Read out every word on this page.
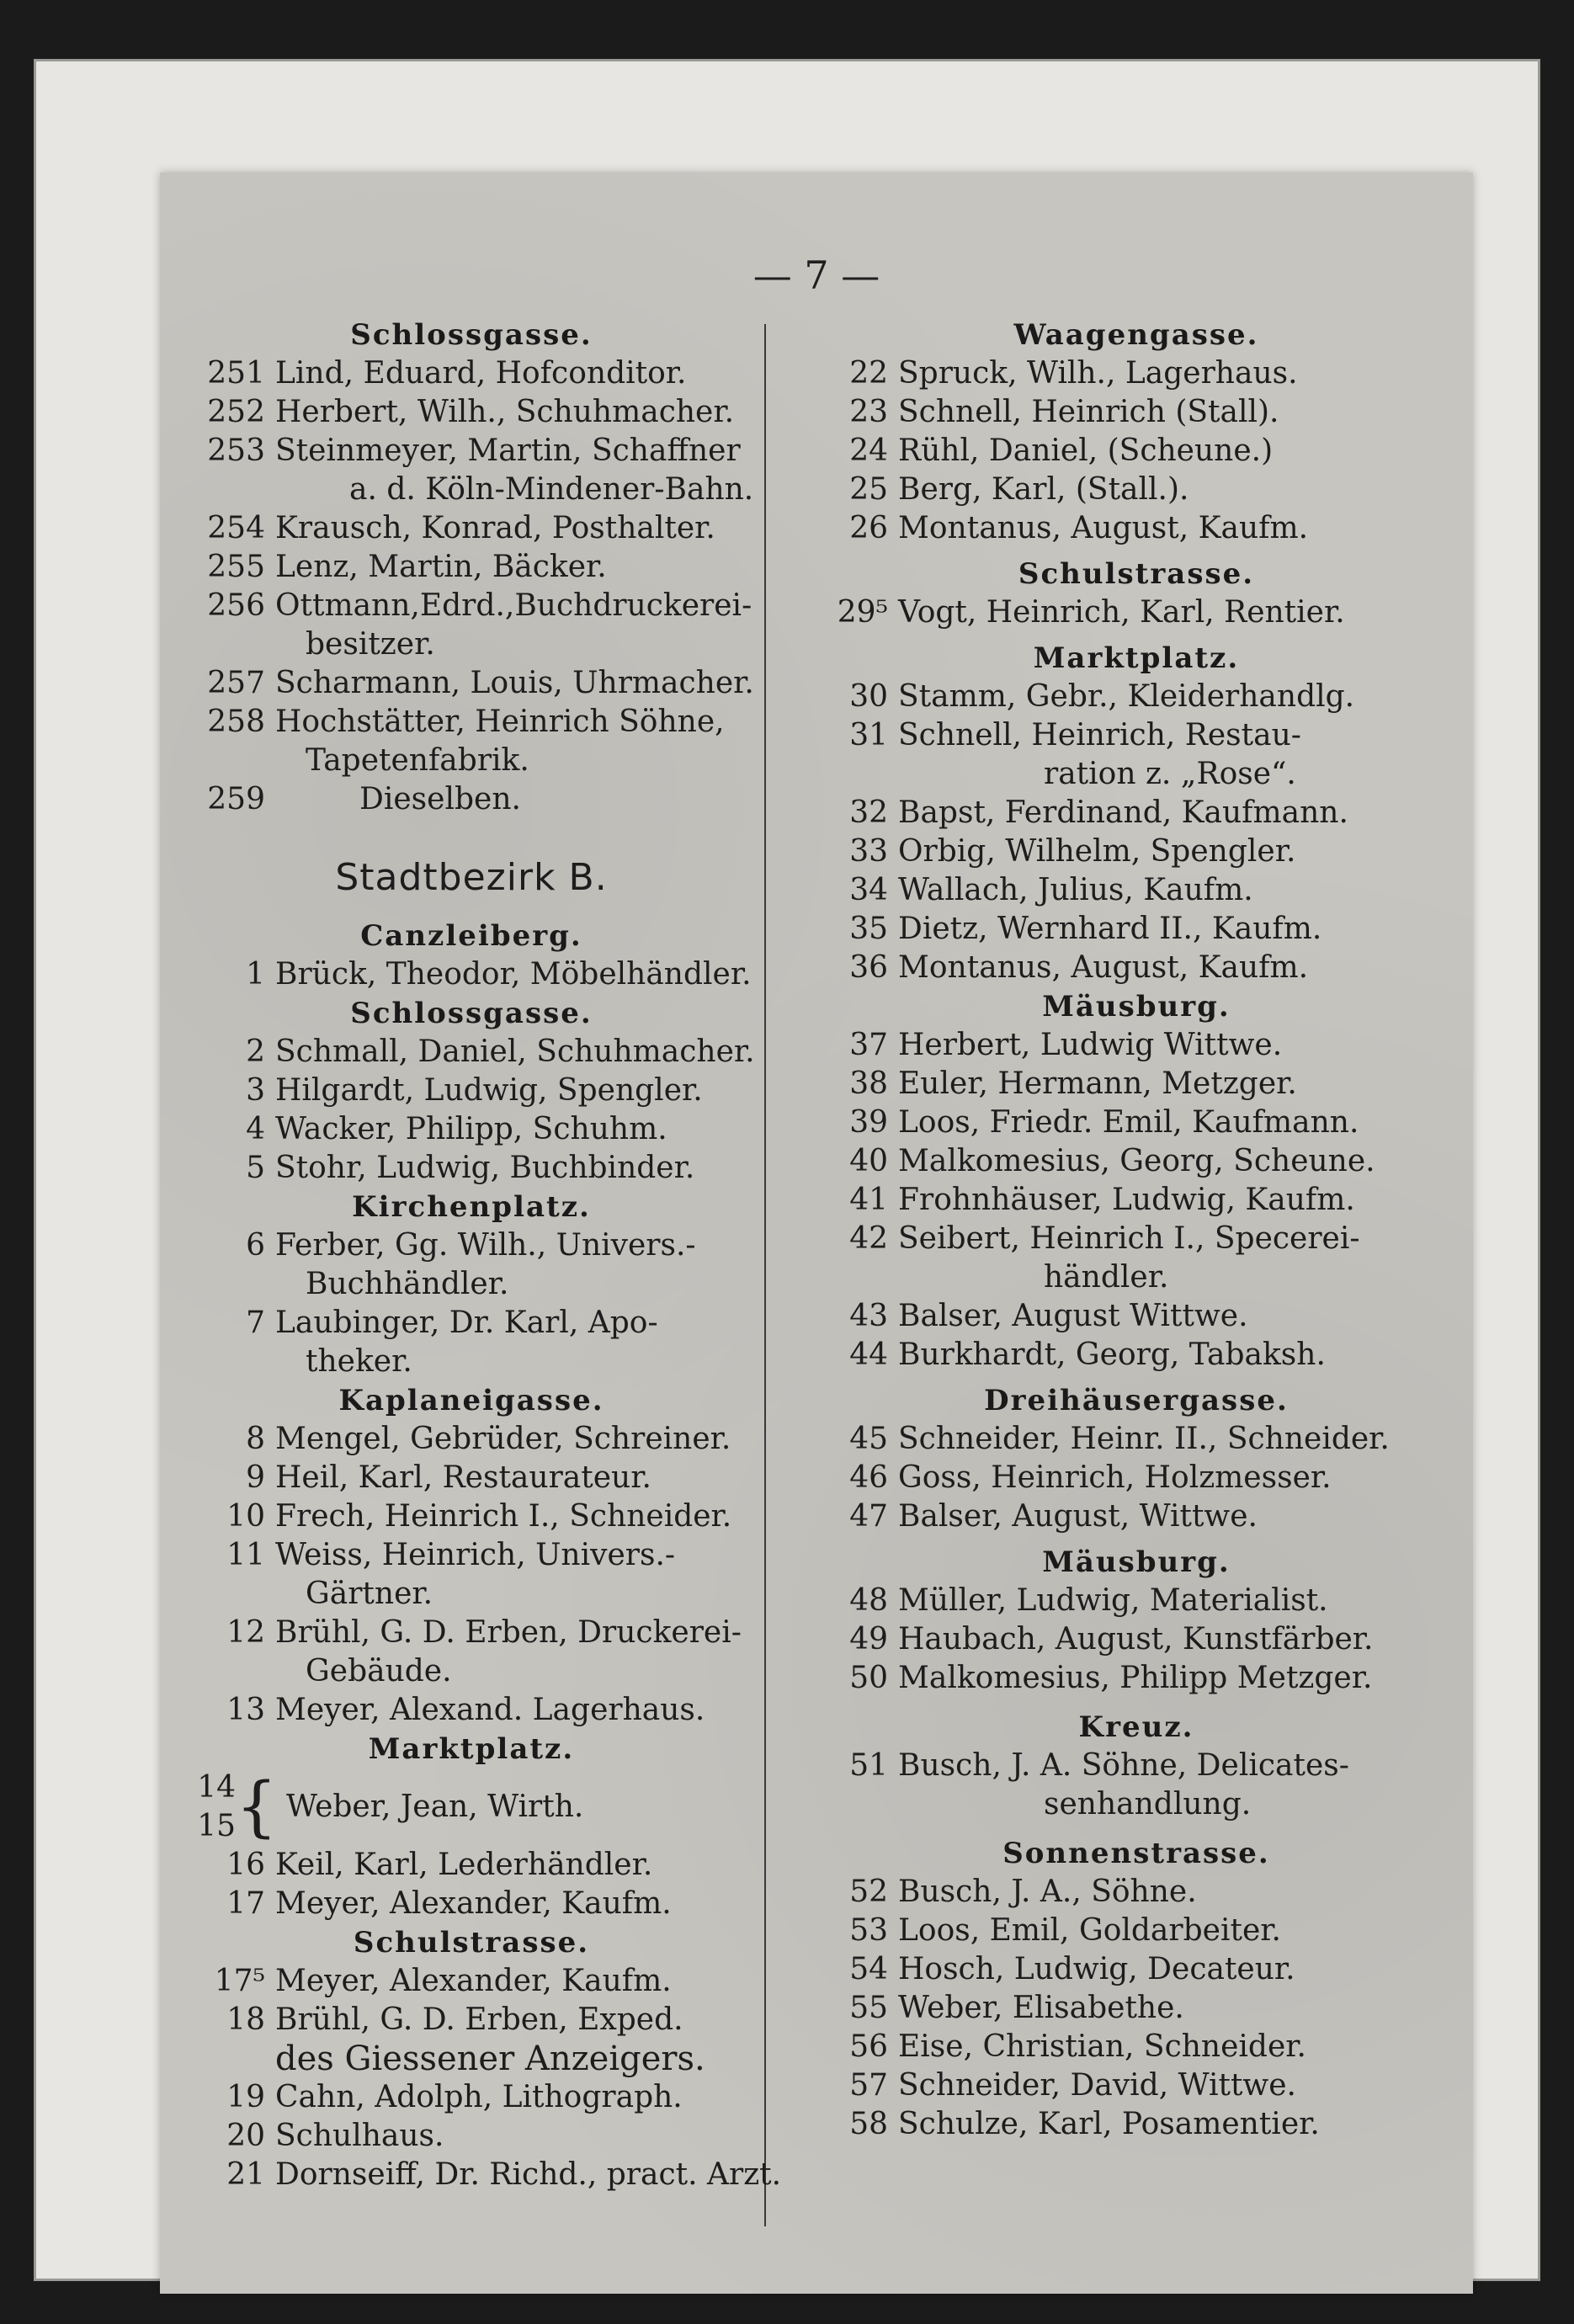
— 7 —
Schlossgasse.
251 Lind, Eduard, Hofconditor.
252 Herbert, Wilh., Schuhmacher.
253 Steinmeyer, Martin, Schaffner
a. d. Köln-Mindener-Bahn.
254 Krausch, Konrad, Posthalter.
255 Lenz, Martin, Bäcker.
256 Ottmann,Edrd.,Buchdruckerei-
besitzer.
257 Scharmann, Louis, Uhrmacher.
258 Hochstätter, Heinrich Söhne,
Tapetenfabrik.
259	Dieselben.
Stadtbezirk B.
Canzleiberg.
1 Brück, Theodor, Möbelhändler.
Schlossgasse.
2 Schmall, Daniel, Schuhmacher.
3 Hilgardt, Ludwig, Spengler.
4 Wacker, Philipp, Schuhm.
5 Stohr, Ludwig, Buchbinder.
Kirchenplatz.
6 Ferber, Gg. Wilh., Univers.-
Buchhändler.
7 Laubinger, Dr. Karl, Apo-
theker.
Kaplaneigasse.
8 Mengel, Gebrüder, Schreiner.
9 Heil, Karl, Restaurateur.
10 Frech, Heinrich I., Schneider.
11 Weiss, Heinrich, Univers.-
Gärtner.
12 Brühl, G. D. Erben, Druckerei-
Gebäude.
13 Meyer, Alexand. Lagerhaus.
Marktplatz.
14
15 { Weber, Jean, Wirth.
16 Keil, Karl, Lederhändler.
17 Meyer, Alexander, Kaufm.
Schulstrasse.
17⁵ Meyer, Alexander, Kaufm.
18 Brühl, G. D. Erben, Exped.
des Giessener Anzeigers.
19 Cahn, Adolph, Lithograph.
20 Schulhaus.
21 Dornseiff, Dr. Richd., pract. Arzt.
Waagengasse.
22 Spruck, Wilh., Lagerhaus.
23 Schnell, Heinrich (Stall).
24 Rühl, Daniel, (Scheune.)
25 Berg, Karl, (Stall.).
26 Montanus, August, Kaufm.
Schulstrasse.
29⁵ Vogt, Heinrich, Karl, Rentier.
Marktplatz.
30 Stamm, Gebr., Kleiderhandlg.
31 Schnell, Heinrich, Restau-
ration z. „Rose“.
32 Bapst, Ferdinand, Kaufmann.
33 Orbig, Wilhelm, Spengler.
34 Wallach, Julius, Kaufm.
35 Dietz, Wernhard II., Kaufm.
36 Montanus, August, Kaufm.
Mäusburg.
37 Herbert, Ludwig Wittwe.
38 Euler, Hermann, Metzger.
39 Loos, Friedr. Emil, Kaufmann.
40 Malkomesius, Georg, Scheune.
41 Frohnhäuser, Ludwig, Kaufm.
42 Seibert, Heinrich I., Specerei-
händler.
43 Balser, August Wittwe.
44 Burkhardt, Georg, Tabaksh.
Dreihäusergasse.
45 Schneider, Heinr. II., Schneider.
46 Goss, Heinrich, Holzmesser.
47 Balser, August, Wittwe.
Mäusburg.
48 Müller, Ludwig, Materialist.
49 Haubach, August, Kunstfärber.
50 Malkomesius, Philipp Metzger.
Kreuz.
51 Busch, J. A. Söhne, Delicates-
senhandlung.
Sonnenstrasse.
52 Busch, J. A., Söhne.
53 Loos, Emil, Goldarbeiter.
54 Hosch, Ludwig, Decateur.
55 Weber, Elisabethe.
56 Eise, Christian, Schneider.
57 Schneider, David, Wittwe.
58 Schulze, Karl, Posamentier.
